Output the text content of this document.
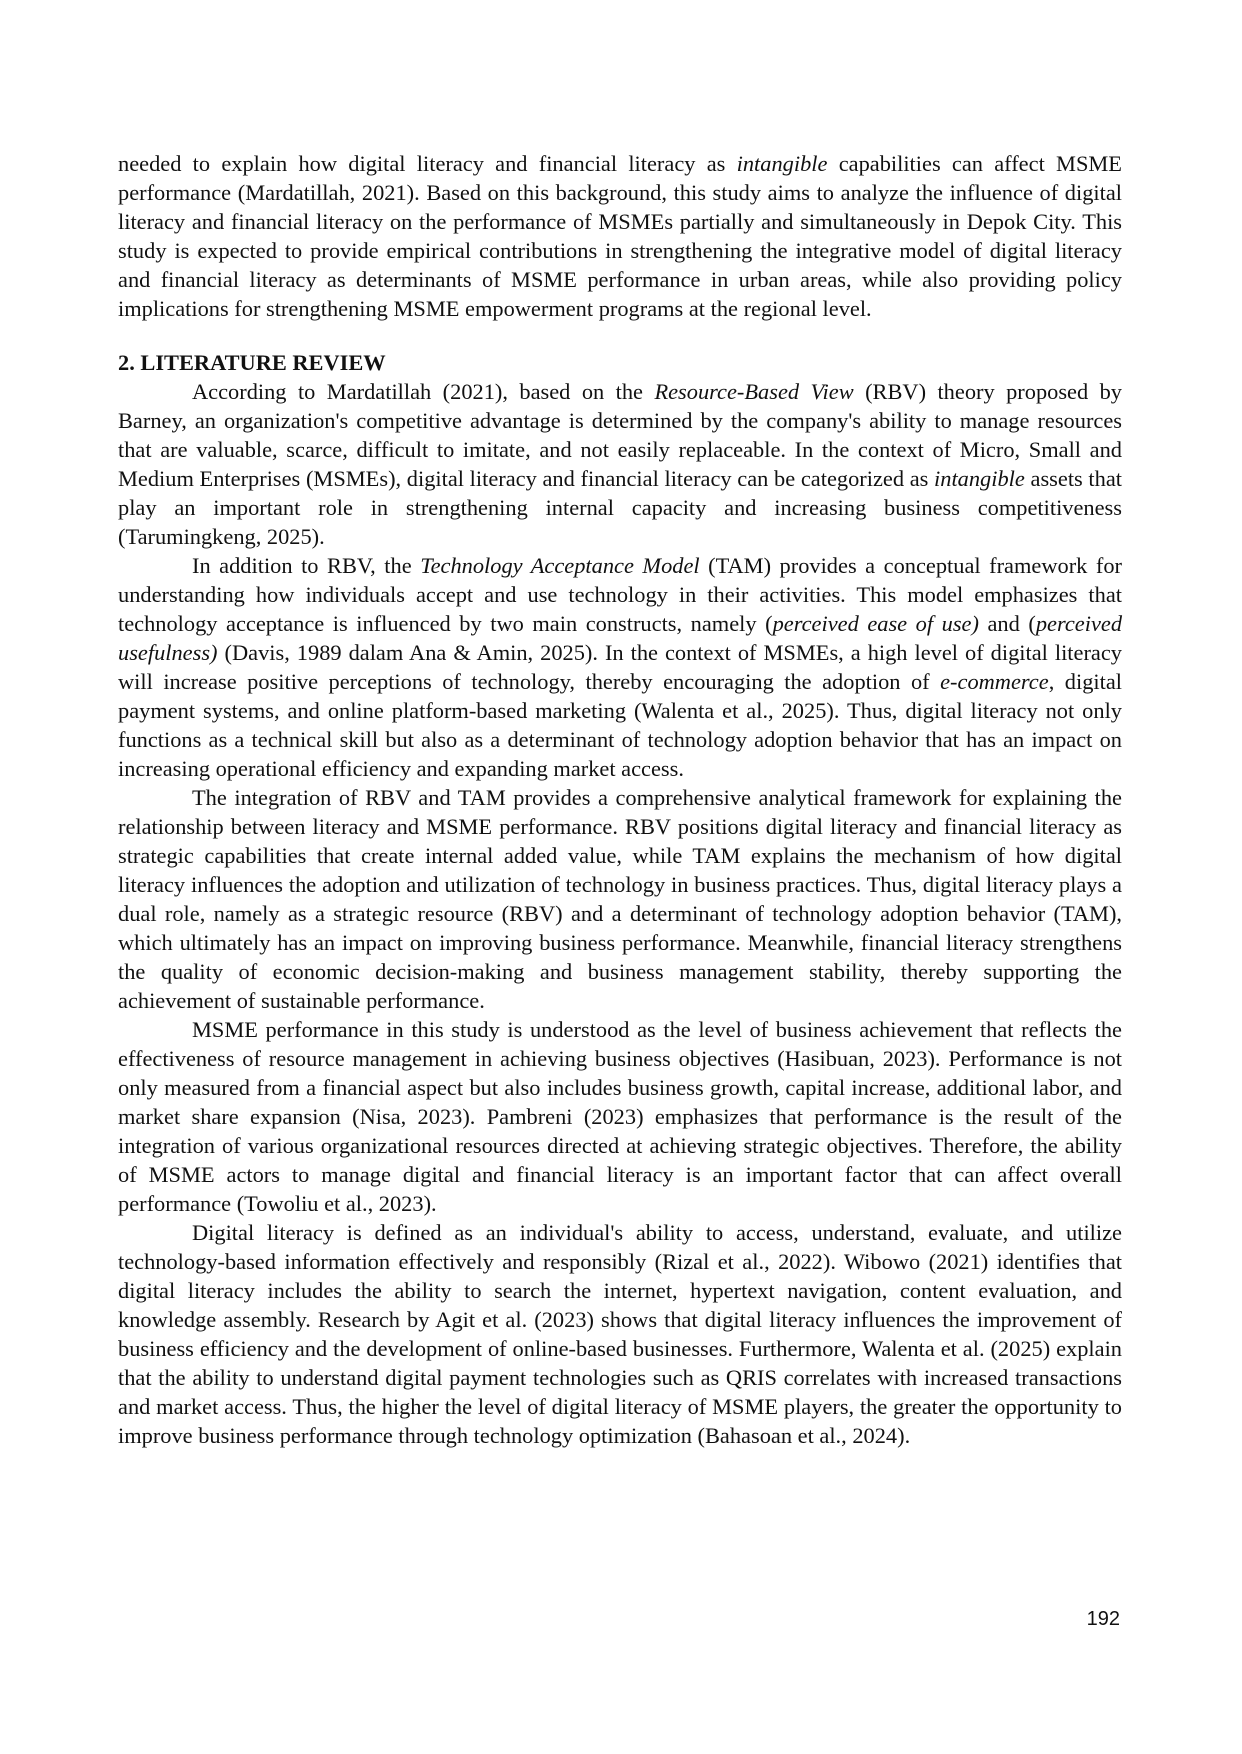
needed to explain how digital literacy and financial literacy as intangible capabilities can affect MSME performance (Mardatillah, 2021). Based on this background, this study aims to analyze the influence of digital literacy and financial literacy on the performance of MSMEs partially and simultaneously in Depok City. This study is expected to provide empirical contributions in strengthening the integrative model of digital literacy and financial literacy as determinants of MSME performance in urban areas, while also providing policy implications for strengthening MSME empowerment programs at the regional level.

2. LITERATURE REVIEW

According to Mardatillah (2021), based on the Resource-Based View (RBV) theory proposed by Barney, an organization's competitive advantage is determined by the company's ability to manage resources that are valuable, scarce, difficult to imitate, and not easily replaceable. In the context of Micro, Small and Medium Enterprises (MSMEs), digital literacy and financial literacy can be categorized as intangible assets that play an important role in strengthening internal capacity and increasing business competitiveness (Tarumingkeng, 2025).

In addition to RBV, the Technology Acceptance Model (TAM) provides a conceptual framework for understanding how individuals accept and use technology in their activities. This model emphasizes that technology acceptance is influenced by two main constructs, namely (perceived ease of use) and (perceived usefulness) (Davis, 1989 dalam Ana & Amin, 2025). In the context of MSMEs, a high level of digital literacy will increase positive perceptions of technology, thereby encouraging the adoption of e-commerce, digital payment systems, and online platform-based marketing (Walenta et al., 2025). Thus, digital literacy not only functions as a technical skill but also as a determinant of technology adoption behavior that has an impact on increasing operational efficiency and expanding market access.

The integration of RBV and TAM provides a comprehensive analytical framework for explaining the relationship between literacy and MSME performance. RBV positions digital literacy and financial literacy as strategic capabilities that create internal added value, while TAM explains the mechanism of how digital literacy influences the adoption and utilization of technology in business practices. Thus, digital literacy plays a dual role, namely as a strategic resource (RBV) and a determinant of technology adoption behavior (TAM), which ultimately has an impact on improving business performance. Meanwhile, financial literacy strengthens the quality of economic decision-making and business management stability, thereby supporting the achievement of sustainable performance.

MSME performance in this study is understood as the level of business achievement that reflects the effectiveness of resource management in achieving business objectives (Hasibuan, 2023). Performance is not only measured from a financial aspect but also includes business growth, capital increase, additional labor, and market share expansion (Nisa, 2023). Pambreni (2023) emphasizes that performance is the result of the integration of various organizational resources directed at achieving strategic objectives. Therefore, the ability of MSME actors to manage digital and financial literacy is an important factor that can affect overall performance (Towoliu et al., 2023).

Digital literacy is defined as an individual's ability to access, understand, evaluate, and utilize technology-based information effectively and responsibly (Rizal et al., 2022). Wibowo (2021) identifies that digital literacy includes the ability to search the internet, hypertext navigation, content evaluation, and knowledge assembly. Research by Agit et al. (2023) shows that digital literacy influences the improvement of business efficiency and the development of online-based businesses. Furthermore, Walenta et al. (2025) explain that the ability to understand digital payment technologies such as QRIS correlates with increased transactions and market access. Thus, the higher the level of digital literacy of MSME players, the greater the opportunity to improve business performance through technology optimization (Bahasoan et al., 2024).

192
